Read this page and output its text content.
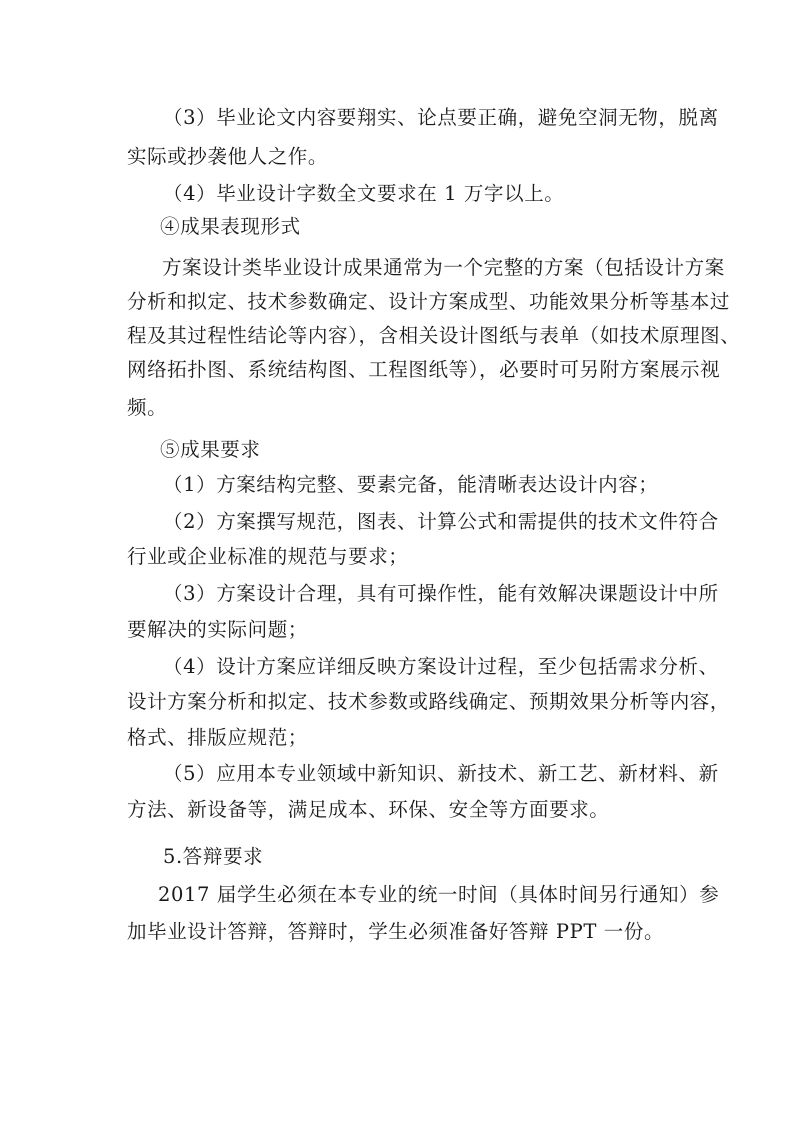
（3）毕业论文内容要翔实、论点要正确，避免空洞无物，脱离
实际或抄袭他人之作。
（4）毕业设计字数全文要求在 1 万字以上。
④成果表现形式
方案设计类毕业设计成果通常为一个完整的方案（包括设计方案
分析和拟定、技术参数确定、设计方案成型、功能效果分析等基本过
程及其过程性结论等内容），含相关设计图纸与表单（如技术原理图、
网络拓扑图、系统结构图、工程图纸等），必要时可另附方案展示视
频。
⑤成果要求
（1）方案结构完整、要素完备，能清晰表达设计内容；
（2）方案撰写规范，图表、计算公式和需提供的技术文件符合
行业或企业标准的规范与要求；
（3）方案设计合理，具有可操作性，能有效解决课题设计中所
要解决的实际问题；
（4）设计方案应详细反映方案设计过程，至少包括需求分析、
设计方案分析和拟定、技术参数或路线确定、预期效果分析等内容，
格式、排版应规范；
（5）应用本专业领域中新知识、新技术、新工艺、新材料、新
方法、新设备等，满足成本、环保、安全等方面要求。
5.答辩要求
2017 届学生必须在本专业的统一时间（具体时间另行通知）参
加毕业设计答辩，答辩时，学生必须准备好答辩 PPT 一份。
